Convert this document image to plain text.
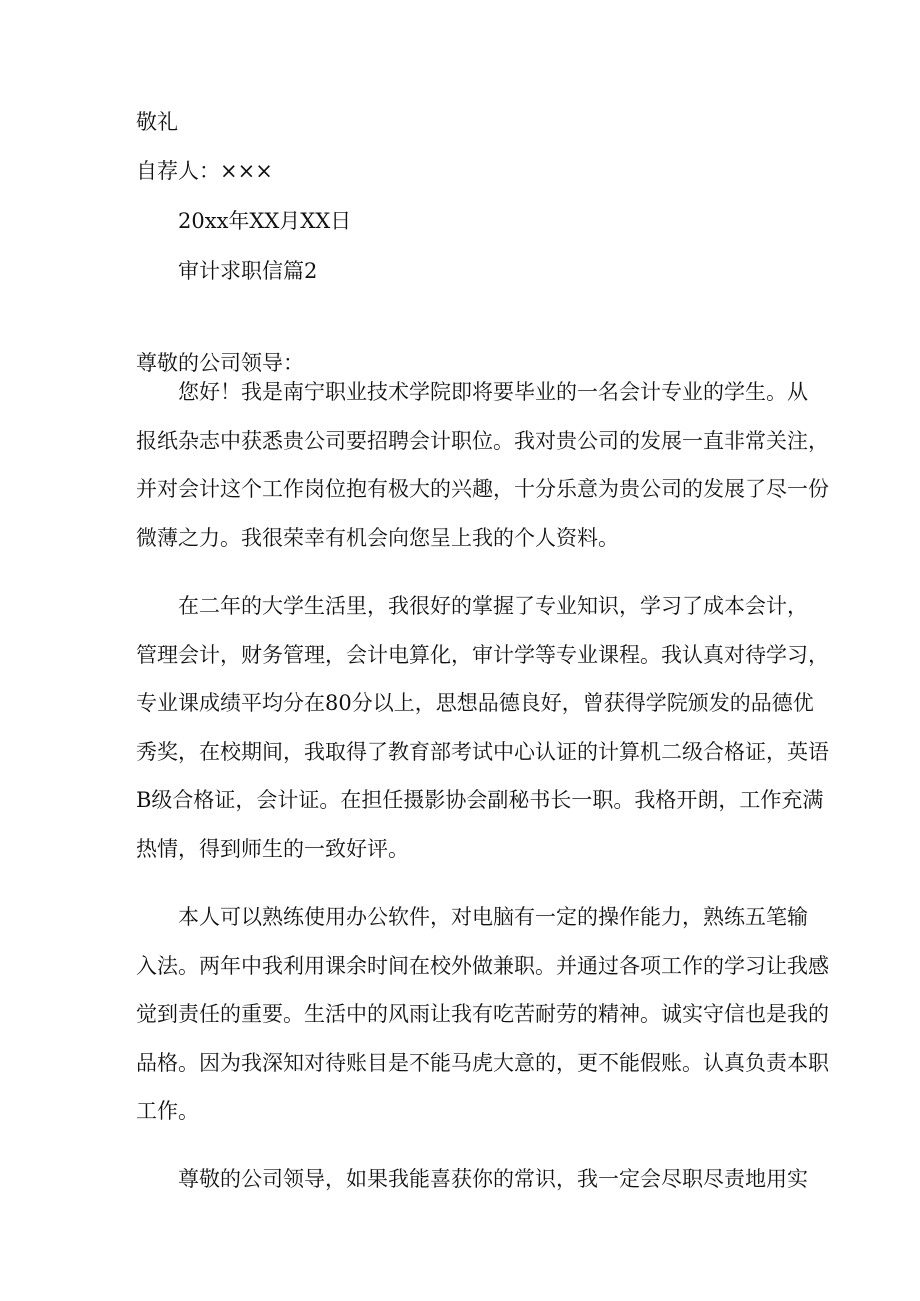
敬礼

自荐人：×××

20xx年XX月XX日

审计求职信篇2

尊敬的公司领导：

您好！我是南宁职业技术学院即将要毕业的一名会计专业的学生。从
报纸杂志中获悉贵公司要招聘会计职位。我对贵公司的发展一直非常关注，
并对会计这个工作岗位抱有极大的兴趣，十分乐意为贵公司的发展了尽一份
微薄之力。我很荣幸有机会向您呈上我的个人资料。
在二年的大学生活里，我很好的掌握了专业知识，学习了成本会计，
管理会计，财务管理，会计电算化，审计学等专业课程。我认真对待学习，
专业课成绩平均分在80分以上，思想品德良好，曾获得学院颁发的品德优
秀奖，在校期间，我取得了教育部考试中心认证的计算机二级合格证，英语
B级合格证，会计证。在担任摄影协会副秘书长一职。我格开朗，工作充满
热情，得到师生的一致好评。
本人可以熟练使用办公软件，对电脑有一定的操作能力，熟练五笔输
入法。两年中我利用课余时间在校外做兼职。并通过各项工作的学习让我感
觉到责任的重要。生活中的风雨让我有吃苦耐劳的精神。诚实守信也是我的
品格。因为我深知对待账目是不能马虎大意的，更不能假账。认真负责本职
工作。
尊敬的公司领导，如果我能喜获你的常识，我一定会尽职尽责地用实
